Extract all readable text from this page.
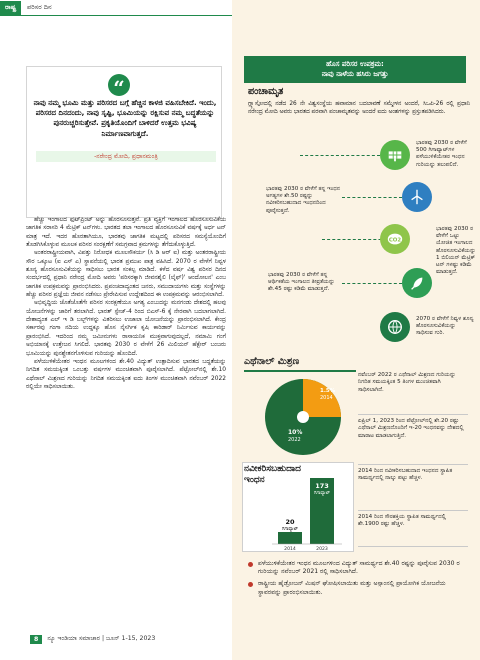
ರಾಷ್ಟ್ರ	ಪರಿಸರ ದಿನ
“
ನಾವು ನಮ್ಮ ಭೂಮಿ ಮತ್ತು ಪರಿಸರದ ಬಗ್ಗೆ ಹೆಚ್ಚಿನ ಕಾಳಜಿ ವಹಿಸಬೇಕಿದೆ. ಇಂದು, ಪರಿಸರದ ದಿನದಂದು, ನಾವು ಸೃಷ್ಟಿ, ಭೂಮಿಯನ್ನು ರಕ್ಷಿಸುವ ನಮ್ಮ ಬದ್ಧತೆಯನ್ನು ಪುನರುಚ್ಚರಿಸುತ್ತೇವೆ. ಪ್ರಕೃತಿಯೊಂದಿಗೆ ಬಾಳಿದರೆ ಉತ್ತಮ ಭವಿಷ್ಯ ನಿರ್ಮಾಣವಾಗುತ್ತದೆ.
-ನರೇಂದ್ರ ಮೋದಿ, ಪ್ರಧಾನಮಂತ್ರಿ

ಹೆಚ್ಚು ಇಂಗಾಲದ ಫುಟ್‌ಪ್ರಿಂಟ್ ಅನ್ನು ಹೊರಸೂಸುತ್ತವೆ. ಪ್ರತಿ ವ್ಯಕ್ತಿಗೆ ಇಂಗಾಲದ ಹೊರಸೂಸುವಿಕೆಯ ಜಾಗತಿಕ ಸರಾಸರಿ 4 ಮೆಟ್ರಿಕ್ ಟನ್‌ಗಳು. ಭಾರತದ ತಲಾ ಇಂಗಾಲದ ಹೊರಸೂಸುವಿಕೆ ವರ್ಷಕ್ಕೆ ಅರ್ಧ ಟನ್ ಮಾತ್ರ ಇದೆ. ಇದರ ಹೊರತಾಗಿಯೂ, ಭಾರತವು ಜಾಗತಿಕ ಮಟ್ಟದಲ್ಲಿ ಪರಿಸರದ ಸಮಸ್ಯೆಯೊಂದಿಗೆ ತೊಡಗಿಸಿಕೊಳ್ಳುವ ಮೂಲಕ ಪರಿಸರ ಸಂರಕ್ಷಣೆಗೆ ಸಮಗ್ರವಾದ ಕ್ರಮಗಳನ್ನು ತೆಗೆದುಕೊಳ್ಳುತ್ತಿದೆ.

ಅಂತರರಾಷ್ಟ್ರೀಯವಾಗಿ, ವಿಪತ್ತು ನಿರೋಧಕ ಮೂಲಸೌಕರ್ಯ (ಸಿ ಡಿ ಆರ್ ಐ) ಮತ್ತು ಅಂತರರಾಷ್ಟ್ರೀಯ ಸೌರ ಒಕ್ಕೂಟ (ಐ ಎಸ್ ಎ) ಸ್ಥಾಪನೆಯಲ್ಲಿ ಭಾರತ ಪ್ರಮುಖ ಪಾತ್ರ ವಹಿಸಿದೆ. 2070 ರ ವೇಳೆಗೆ ನಿವ್ವಳ ಶೂನ್ಯ ಹೊರಸೂಸುವಿಕೆಯನ್ನು ಸಾಧಿಸಲು ಭಾರತ ಸಂಕಲ್ಪ ಮಾಡಿದೆ. ಕಳೆದ ವರ್ಷ ವಿಶ್ವ ಪರಿಸರ ದಿನದ ಸಂದರ್ಭದಲ್ಲಿ ಪ್ರಧಾನಿ ನರೇಂದ್ರ ಮೋದಿ ಅವರು 'ಪರಿಸರಕ್ಕಾಗಿ ಜೀವನಶೈಲಿ (ಲೈಫ್)' ಆಂದೋಲನ' ಎಂಬ ಜಾಗತಿಕ ಉಪಕ್ರಮವನ್ನು ಪ್ರಾರಂಭಿಸಿದರು. ಪ್ರಪಂಚದಾದ್ಯಂತದ ಜನರು, ಸಮುದಾಯಗಳು ಮತ್ತು ಸಂಸ್ಥೆಗಳನ್ನು ಹೆಚ್ಚು ಪರಿಸರ ಪ್ರಜ್ಞೆಯ ಜೀವನ ನಡೆಸಲು ಪ್ರೇರೇಪಿಸುವ ಉದ್ದೇಶದಿಂದ ಈ ಉಪಕ್ರಮವನ್ನು ಆರಂಭಿಸಲಾಗಿದೆ.

ಅಭಿವೃದ್ಧಿಯ ಜೊತೆಜೊತೆಗೇ ಪರಿಸರ ಸಂರಕ್ಷಣೆಯೂ ಅಗತ್ಯ ಎಂಬುದನ್ನು ಮನಗಂಡು ದೇಶದಲ್ಲಿ ಹಲವು ಯೋಜನೆಗಳನ್ನು ಜಾರಿಗೆ ತರಲಾಗಿದೆ. ಭಾರತ್ ಸ್ಟೇಜ್-4 ರಿಂದ ಬಿಎಸ್-6 ಕ್ಕೆ ನೇರವಾಗಿ ಬದಲಾಗಲಾಗಿದೆ. ದೇಶಾದ್ಯಂತ ಎಲ್ ಇ ಡಿ ಬಲ್ಬ್‌ಗಳನ್ನು ವಿತರಿಸಲು ಉಜಾಲಾ ಯೋಜನೆಯನ್ನು ಪ್ರಾರಂಭಿಸಲಾಗಿದೆ. ಕೇಂದ್ರ ಸರ್ಕಾರವು ಗಂಗಾ ನದಿಯ ಉದ್ದಕ್ಕೂ ಹೊಸ ನೈಸರ್ಗಿಕ ಕೃಷಿ ಕಾರಿಡಾರ್ ನಿರ್ಮಿಸುವ ಕಾರ್ಯವನ್ನು ಪ್ರಾರಂಭಿಸಿದೆ. ಇದರಿಂದ ನಮ್ಮ ಜಮೀನುಗಳು ರಾಸಾಯನಿಕ ಮುಕ್ತವಾಗುವುದಲ್ಲದೆ, ನಮಾಮಿ ಗಂಗೆ ಅಭಿಯಾನಕ್ಕೆ ಉತ್ತೇಜನ ಸಿಗಲಿದೆ. ಭಾರತವು 2030 ರ ವೇಳೆಗೆ 26 ಮಿಲಿಯನ್ ಹೆಕ್ಟೇರ್ ಬಂಜರು ಭೂಮಿಯನ್ನು ಪುನಶ್ಚೇತನಗೊಳಿಸುವ ಗುರಿಯನ್ನು ಹೊಂದಿದೆ.

ಪಳೆಯುಳಿಕೆಯೇತರ ಇಂಧನ ಮೂಲಗಳಿಂದ ಶೇ.40 ವಿದ್ಯುತ್ ಉತ್ಪಾದಿಸುವ ಭಾರತದ ಬದ್ಧತೆಯನ್ನು ನಿಗದಿತ ಸಮಯಕ್ಕಿಂತ ಒಂಬತ್ತು ವರ್ಷಗಳ ಮುಂಚಿತವಾಗಿ ಪೂರೈಸಲಾಗಿದೆ. ಪೆಟ್ರೋಲ್‌ನಲ್ಲಿ ಶೇ.10 ಎಥೆನಾಲ್ ಮಿಶ್ರಣದ ಗುರಿಯನ್ನು ನಿಗದಿತ ಸಮಯಕ್ಕಿಂತ ಐದು ತಿಂಗಳ ಮುಂಚಿತವಾಗಿ ನವೆಂಬರ್ 2022 ರಲ್ಲಿಯೇ ಸಾಧಿಸಲಾಯಿತು.

8	ನ್ಯೂ ಇಂಡಿಯಾ ಸಮಾಚಾರ | ಜೂನ್ 1-15, 2023
ಹೊಸ ಪರಿಸರ ಉಪಕ್ರಮ:
ನಾವು ನಾಳೆಯ ಹಸಿರು ಜಗತ್ತು
ಪಂಚಾಮೃತ
ಗ್ಲ್ಯಾಸ್ಗೋದಲ್ಲಿ ನಡೆದ 26 ನೇ ವಿಶ್ವಸಂಸ್ಥೆಯ ಹವಾಮಾನ ಬದಲಾವಣೆ ಸಮ್ಮೇಳನ ಅಂದರೆ, ಸಿಒಪಿ-26 ರಲ್ಲಿ ಪ್ರಧಾನಿ ನರೇಂದ್ರ ಮೋದಿ ಅವರು ಭಾರತದ ಪರವಾಗಿ ಪಂಚಾಮೃತವನ್ನು ಅಂದರೆ ಐದು ಅಂಶಗಳನ್ನು ಪ್ರಸ್ತುತಪಡಿಸಿದರು.
CO2
ಭಾರತವು 2030 ರ ವೇಳೆಗೆ 500 ಗಿಗಾವ್ಯಾಟ್‌ಗಳ ಪಳೆಯುಳಿಕೆಯೇತರ ಇಂಧನ ಗುರಿಯನ್ನು ತಲುಪಲಿದೆ.
ಭಾರತವು 2030 ರ ವೇಳೆಗೆ ತನ್ನ ಇಂಧನ ಅಗತ್ಯಗಳ ಶೇ.50 ರಷ್ಟನ್ನು ನವೀಕರಿಸಬಹುದಾದ ಇಂಧನದಿಂದ ಪೂರೈಸುತ್ತದೆ.
ಭಾರತವು 2030 ರ ವೇಳೆಗೆ ಒಟ್ಟು ಯೋಜಿತ ಇಂಗಾಲದ ಹೊರಸೂಸುವಿಕೆಯನ್ನು 1 ಬಿಲಿಯನ್ ಮೆಟ್ರಿಕ್ ಟನ್ ಗಳಷ್ಟು ಕಡಿಮೆ ಮಾಡುತ್ತದೆ.
ಭಾರತವು 2030 ರ ವೇಳೆಗೆ ತನ್ನ ಆರ್ಥಿಕತೆಯ ಇಂಗಾಲದ ತೀವ್ರತೆಯನ್ನು ಶೇ.45 ರಷ್ಟು ಕಡಿಮೆ ಮಾಡುತ್ತದೆ.
2070 ರ ವೇಳೆಗೆ ನಿವ್ವಳ ಶೂನ್ಯ ಹೊರಸೂಸುವಿಕೆಯನ್ನು ಸಾಧಿಸುವ ಗುರಿ.
ಎಥೆನಾಲ್ ಮಿಶ್ರಣ
1.5%
2014
10%
2022
ನವೆಂಬರ್ 2022 ರ ಎಥೆನಾಲ್ ಮಿಶ್ರಣದ ಗುರಿಯನ್ನು ನಿಗದಿತ ಸಮಯಕ್ಕಿಂತ 5 ತಿಂಗಳ ಮುಂಚಿತವಾಗಿ ಸಾಧಿಸಲಾಗಿದೆ.
ಏಪ್ರಿಲ್ 1, 2023 ರಿಂದ ಪೆಟ್ರೋಲ್‌ನಲ್ಲಿ ಶೇ.20 ರಷ್ಟು ಎಥೆನಾಲ್ ಮಿಶ್ರಣದೊಂದಿಗೆ ಇ-20 ಇಂಧನವನ್ನು ದೇಶದಲ್ಲಿ ಮಾರಾಟ ಮಾಡಲಾಗುತ್ತಿದೆ.
ನವೀಕರಿಸಬಹುದಾದ
ಇಂಧನ
20
ಗಿಗಾವ್ಯಾಟ್
173
ಗಿಗಾವ್ಯಾಟ್
2014	2023
2014 ರಿಂದ ನವೀಕರಿಸಬಹುದಾದ ಇಂಧನದ ಸ್ಥಾಪಿತ ಸಾಮರ್ಥ್ಯದಲ್ಲಿ ನಾಲ್ಕು ಪಟ್ಟು ಹೆಚ್ಚಳ.
2014 ರಿಂದ ಸೌರಶಕ್ತಿಯ ಸ್ಥಾಪಿತ ಸಾಮರ್ಥ್ಯದಲ್ಲಿ ಶೇ.1900 ರಷ್ಟು ಹೆಚ್ಚಳ.
ಪಳೆಯುಳಿಕೆಯೇತರ ಇಂಧನ ಮೂಲಗಳಿಂದ ವಿದ್ಯುತ್ ಸಾಮರ್ಥ್ಯದ ಶೇ.40 ರಷ್ಟನ್ನು ಪೂರೈಸುವ 2030 ರ ಗುರಿಯನ್ನು ನವೆಂಬರ್ 2021 ರಲ್ಲಿ ಸಾಧಿಸಲಾಗಿದೆ.
ರಾಷ್ಟ್ರೀಯ ಹೈಡ್ರೋಜನ್ ಮಿಷನ್ ಘೋಷಿಸಲಾಯಿತು ಮತ್ತು ಅಸ್ಸಾಂನಲ್ಲಿ ಪ್ರಾಯೋಗಿಕ ಯೋಜನೆಯ ಸ್ಥಾವರವನ್ನು ಪ್ರಾರಂಭಿಸಲಾಯಿತು.
